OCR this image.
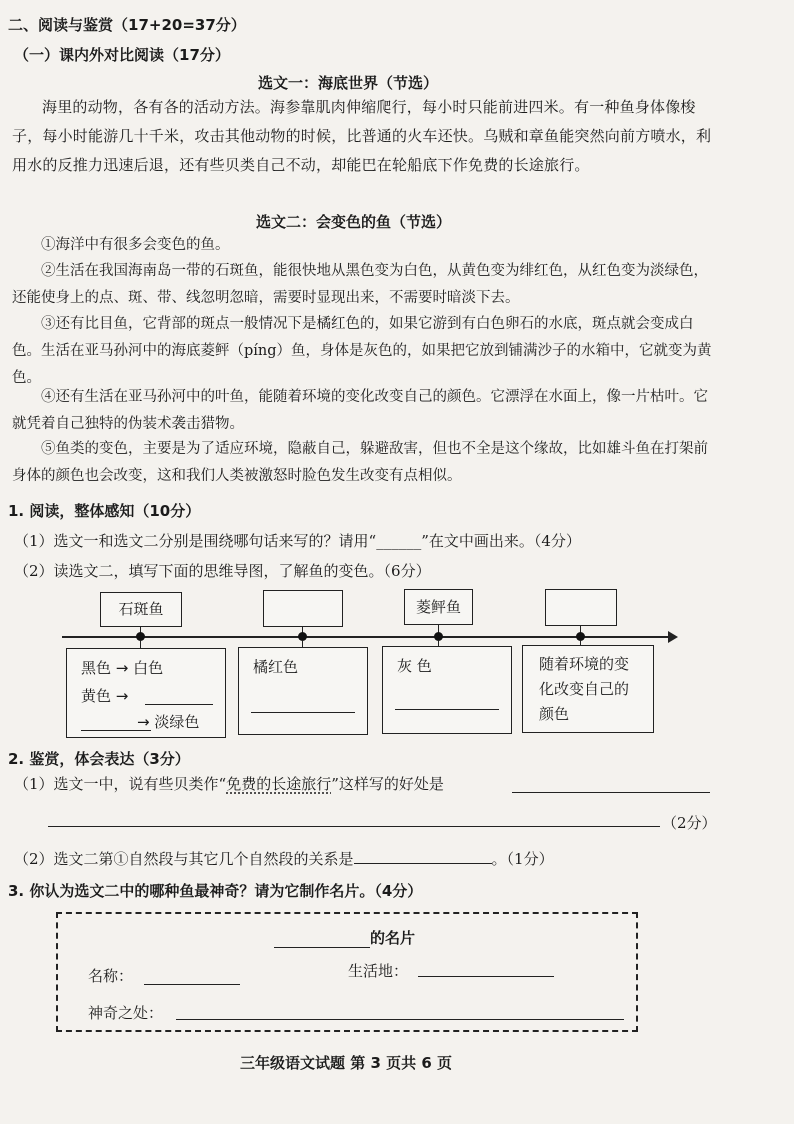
二、阅读与鉴赏（17+20=37分）
（一）课内外对比阅读（17分）
选文一：海底世界（节选）
海里的动物，各有各的活动方法。海参靠肌肉伸缩爬行，每小时只能前进四米。有一种鱼身体像梭子，每小时能游几十千米，攻击其他动物的时候，比普通的火车还快。乌贼和章鱼能突然向前方喷水，利用水的反推力迅速后退，还有些贝类自己不动，却能巴在轮船底下作免费的长途旅行。
选文二：会变色的鱼（节选）
①海洋中有很多会变色的鱼。
②生活在我国海南岛一带的石斑鱼，能很快地从黑色变为白色，从黄色变为绯红色，从红色变为淡绿色，还能使身上的点、斑、带、线忽明忽暗，需要时显现出来，不需要时暗淡下去。
③还有比目鱼，它背部的斑点一般情况下是橘红色的，如果它游到有白色卵石的水底，斑点就会变成白色。生活在亚马孙河中的海底菱鲆（píng）鱼，身体是灰色的，如果把它放到铺满沙子的水箱中，它就变为黄色。
④还有生活在亚马孙河中的叶鱼，能随着环境的变化改变自己的颜色。它漂浮在水面上，像一片枯叶。它就凭着自己独特的伪装术袭击猎物。
⑤鱼类的变色，主要是为了适应环境，隐蔽自己，躲避敌害，但也不全是这个缘故，比如雄斗鱼在打架前身体的颜色也会改变，这和我们人类被激怒时脸色发生改变有点相似。
1. 阅读，整体感知（10分）
（1）选文一和选文二分别是围绕哪句话来写的？请用“______”在文中画出来。（4分）
（2）读选文二，填写下面的思维导图，了解鱼的变色。（6分）
石斑鱼	菱鲆鱼
黑色 → 白色
黄色 →
→ 淡绿色
橘红色	灰 色	随着环境的变化改变自己的颜色
2. 鉴赏，体会表达（3分）
（1）选文一中，说有些贝类作“免费的长途旅行”这样写的好处是
（2分）
（2）选文二第①自然段与其它几个自然段的关系是	。（1分）
3. 你认为选文二中的哪种鱼最神奇？请为它制作名片。（4分）
的名片
名称：	生活地：
神奇之处：
三年级语文试题 第 3 页共 6 页
